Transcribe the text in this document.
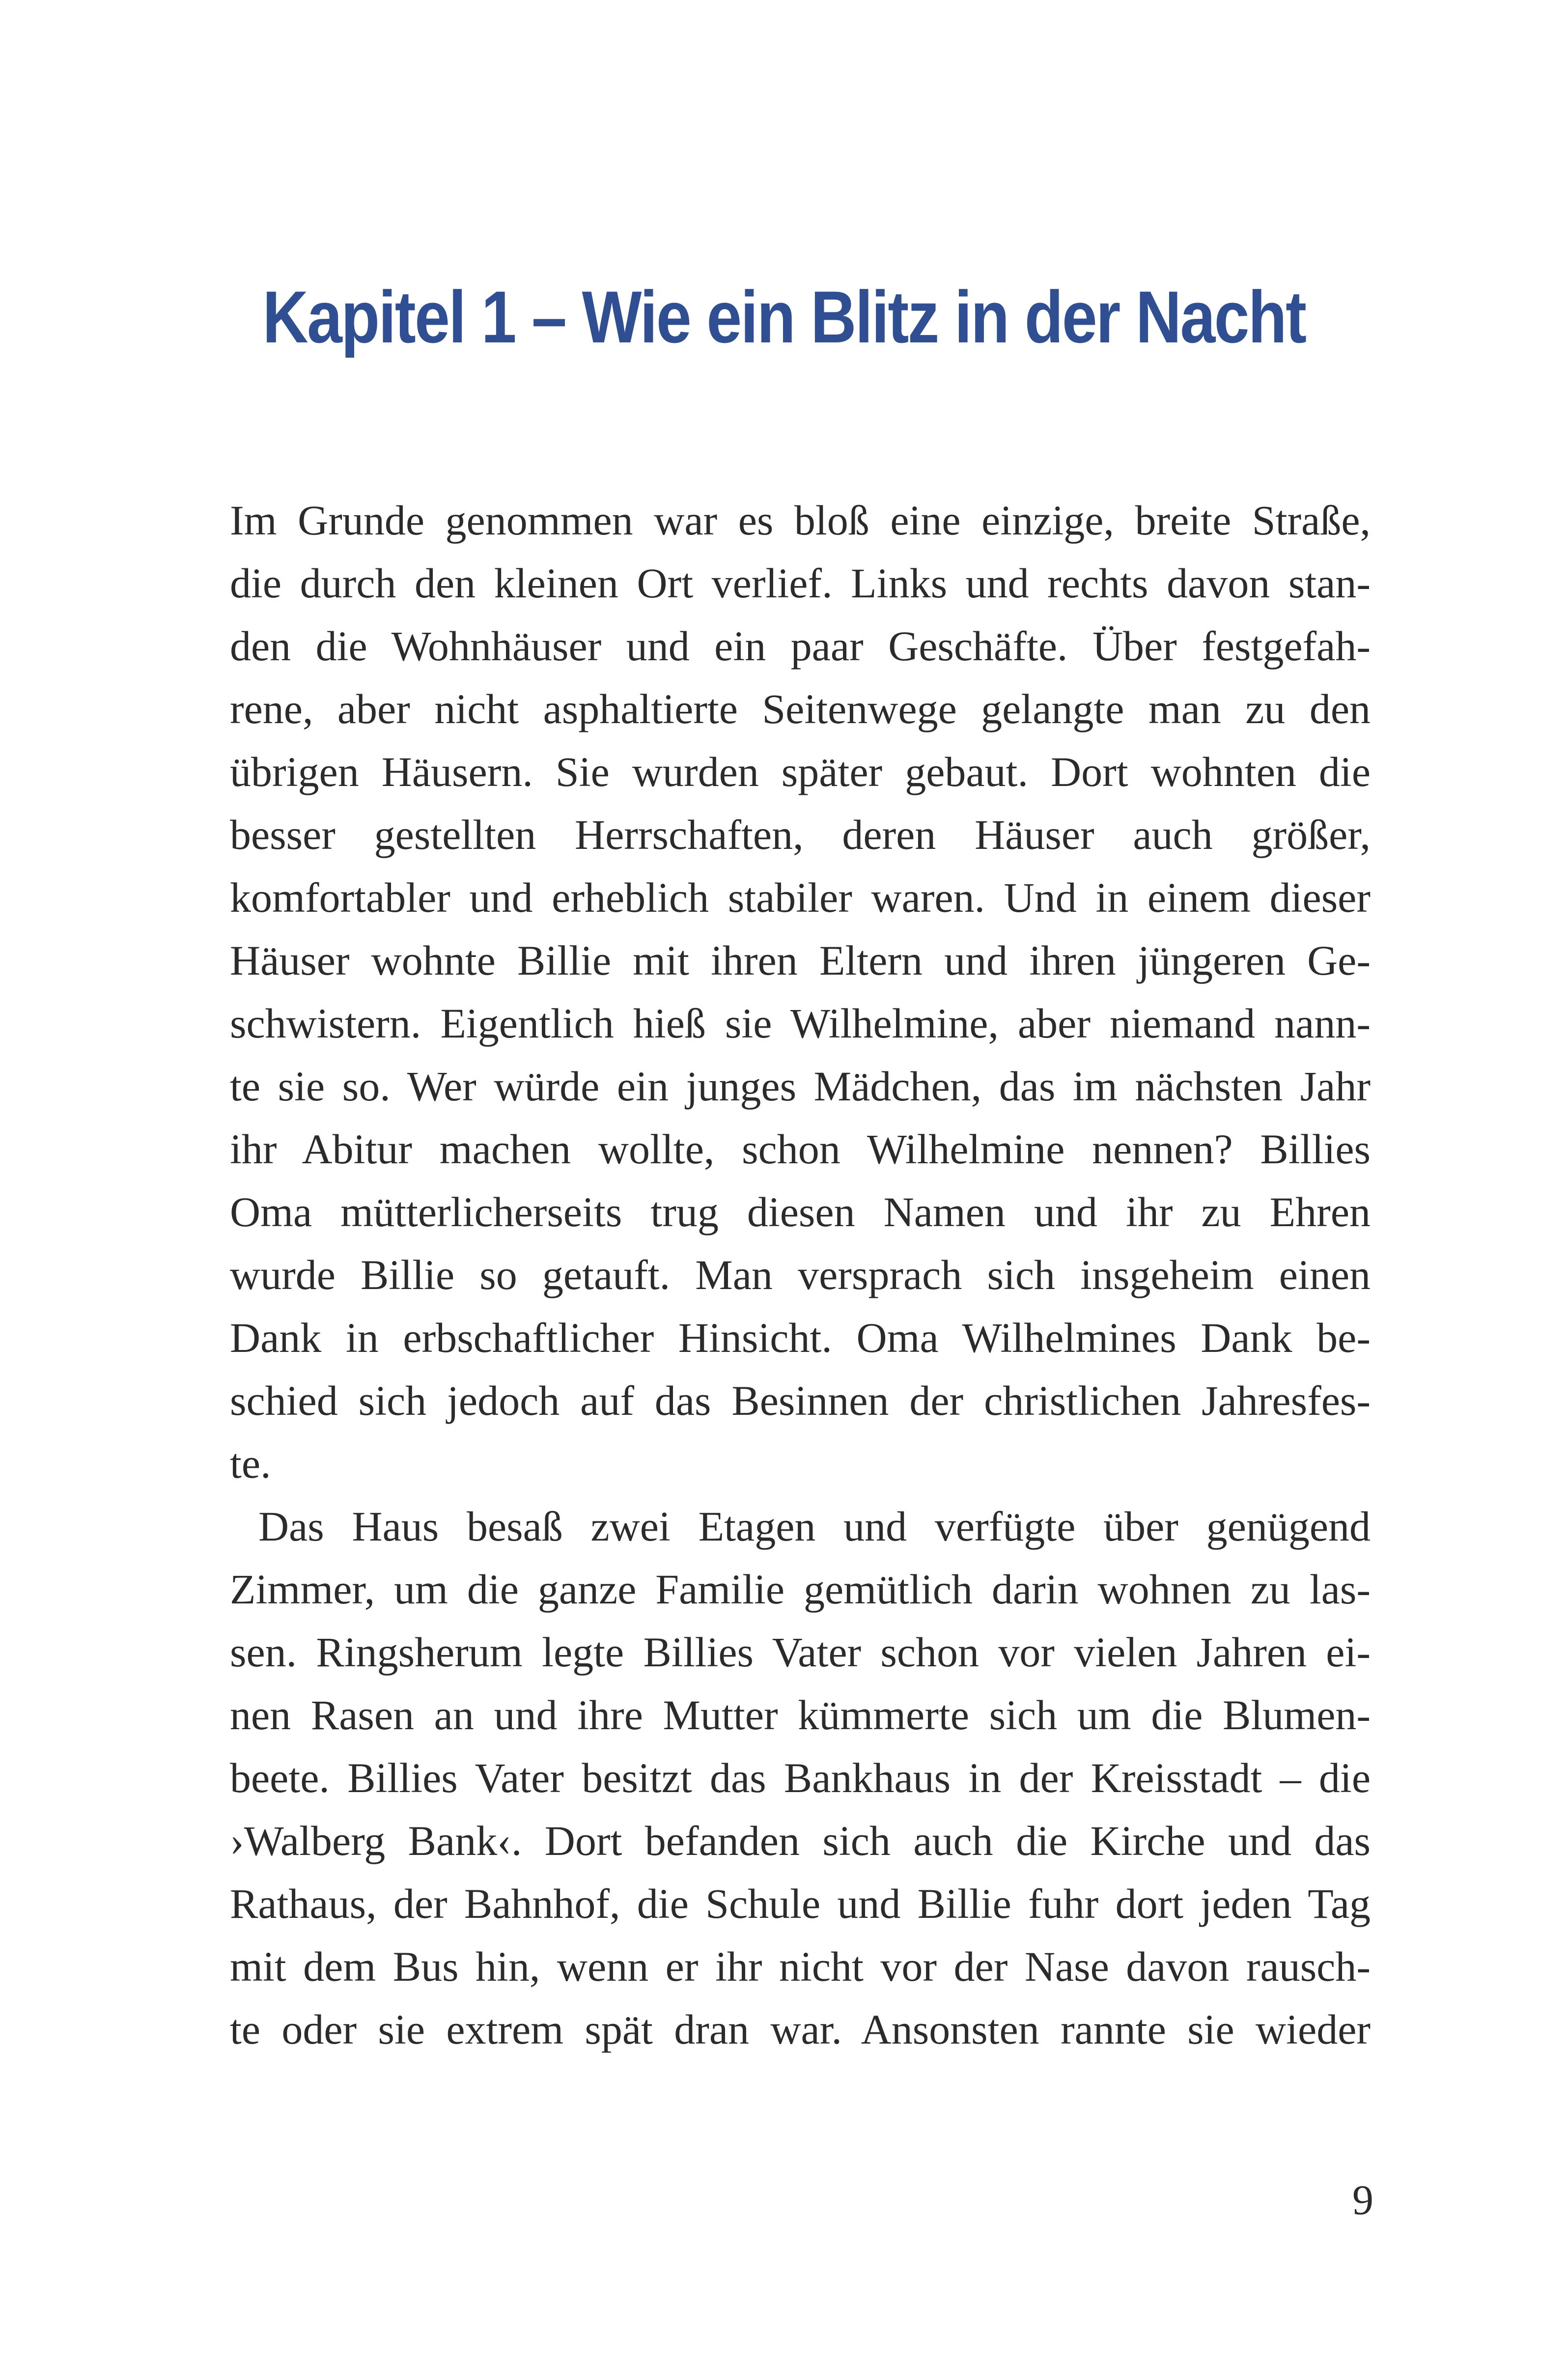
Kapitel 1 – Wie ein Blitz in der Nacht
Im Grunde genommen war es bloß eine einzige, breite Straße,
die durch den kleinen Ort verlief. Links und rechts davon stan-
den die Wohnhäuser und ein paar Geschäfte. Über festgefah-
rene, aber nicht asphaltierte Seitenwege gelangte man zu den
übrigen Häusern. Sie wurden später gebaut. Dort wohnten die
besser gestellten Herrschaften, deren Häuser auch größer,
komfortabler und erheblich stabiler waren. Und in einem dieser
Häuser wohnte Billie mit ihren Eltern und ihren jüngeren Ge-
schwistern. Eigentlich hieß sie Wilhelmine, aber niemand nann-
te sie so. Wer würde ein junges Mädchen, das im nächsten Jahr
ihr Abitur machen wollte, schon Wilhelmine nennen? Billies
Oma mütterlicherseits trug diesen Namen und ihr zu Ehren
wurde Billie so getauft. Man versprach sich insgeheim einen
Dank in erbschaftlicher Hinsicht. Oma Wilhelmines Dank be-
schied sich jedoch auf das Besinnen der christlichen Jahresfes-
te.
Das Haus besaß zwei Etagen und verfügte über genügend
Zimmer, um die ganze Familie gemütlich darin wohnen zu las-
sen. Ringsherum legte Billies Vater schon vor vielen Jahren ei-
nen Rasen an und ihre Mutter kümmerte sich um die Blumen-
beete. Billies Vater besitzt das Bankhaus in der Kreisstadt – die
›Walberg Bank‹. Dort befanden sich auch die Kirche und das
Rathaus, der Bahnhof, die Schule und Billie fuhr dort jeden Tag
mit dem Bus hin, wenn er ihr nicht vor der Nase davon rausch-
te oder sie extrem spät dran war. Ansonsten rannte sie wieder
9
